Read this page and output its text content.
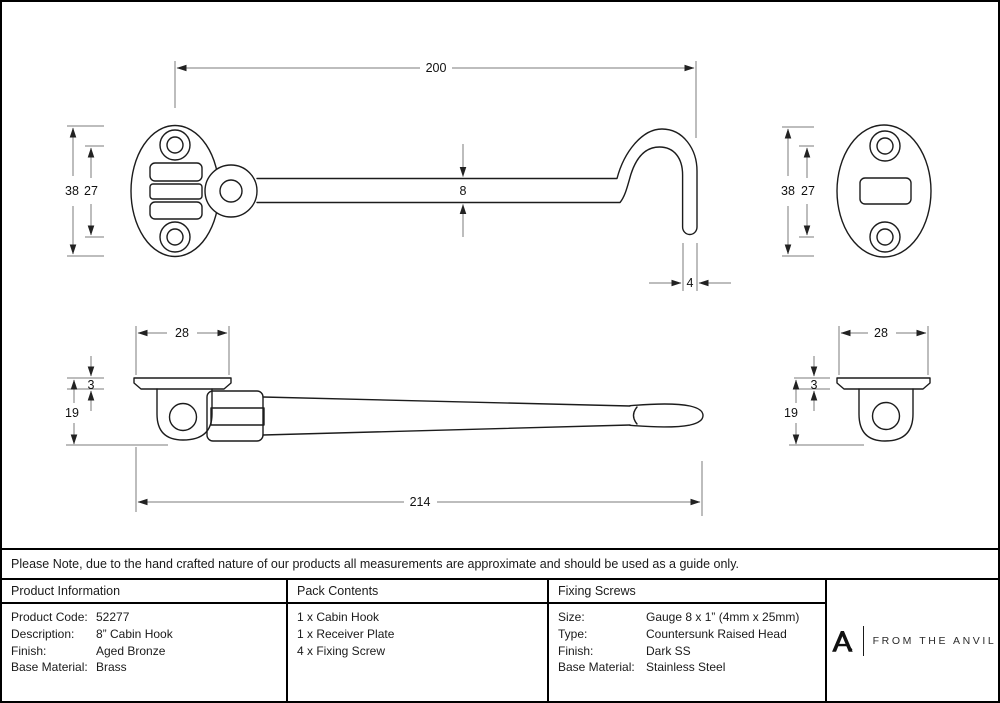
200
38 27	8
4
38 27
28
3
19
214
28
3
19
Please Note, due to the hand crafted nature of our products all measurements are approximate and should be used as a guide only.
Product Information
Product Code: 52277
Description:	8” Cabin Hook
Finish:	Aged Bronze
Base Material: Brass
Pack Contents
1 x Cabin Hook
1 x Receiver Plate
4 x Fixing Screw
Fixing Screws
Size:	Gauge 8 x 1” (4mm x 25mm)
Type:	Countersunk Raised Head
Finish:	Dark SS
Base Material: Stainless Steel
FROM THE ANVIL
